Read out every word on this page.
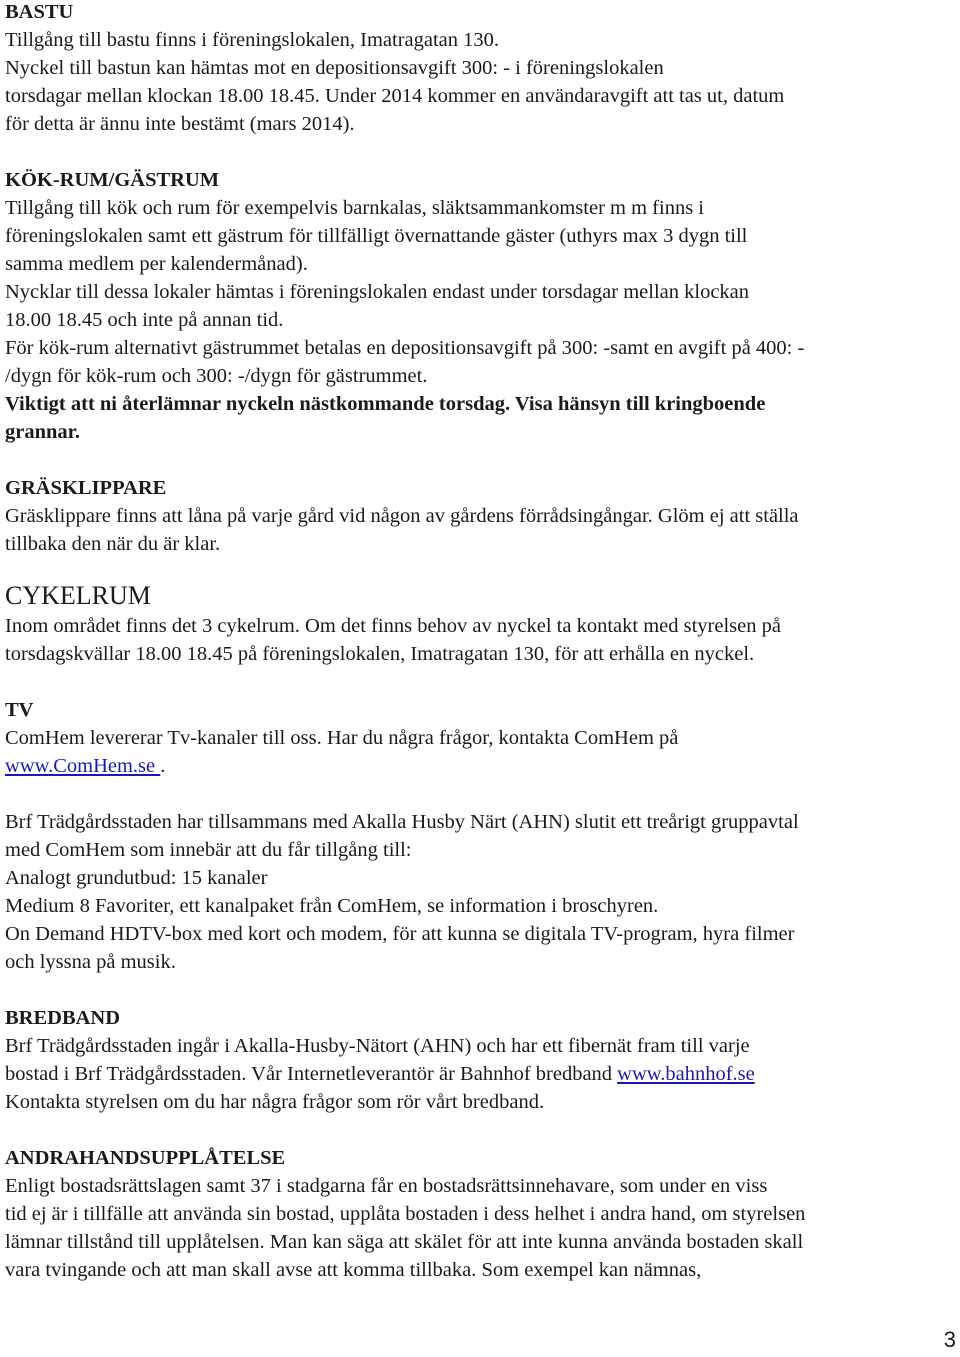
BASTU

Tillgång till bastu finns i föreningslokalen, Imatragatan 130.

Nyckel till bastun kan hämtas mot en depositionsavgift 300: - i föreningslokalen

torsdagar mellan klockan 18.00 18.45. Under 2014 kommer en användaravgift att tas ut, datum

för detta är ännu inte bestämt (mars 2014).

KÖK-RUM/GÄSTRUM

Tillgång till kök och rum för exempelvis barnkalas, släktsammankomster m m finns i

föreningslokalen samt ett gästrum för tillfälligt övernattande gäster (uthyrs max 3 dygn till

samma medlem per kalendermånad).

Nycklar till dessa lokaler hämtas i föreningslokalen endast under torsdagar mellan klockan

18.00 18.45 och inte på annan tid.

För kök-rum alternativt gästrummet betalas en depositionsavgift på 300: -samt en avgift på 400: -

/dygn för kök-rum och 300: -/dygn för gästrummet.

Viktigt att ni återlämnar nyckeln nästkommande torsdag. Visa hänsyn till kringboende

grannar.

GRÄSKLIPPARE

Gräsklippare finns att låna på varje gård vid någon av gårdens förrådsingångar. Glöm ej att ställa

tillbaka den när du är klar.

CYKELRUM

Inom området finns det 3 cykelrum. Om det finns behov av nyckel ta kontakt med styrelsen på

torsdagskvällar 18.00 18.45 på föreningslokalen, Imatragatan 130, för att erhålla en nyckel.

TV

ComHem levererar Tv-kanaler till oss. Har du några frågor, kontakta ComHem på

www.ComHem.se .

Brf Trädgårdsstaden har tillsammans med Akalla Husby Närt (AHN) slutit ett treårigt gruppavtal

med ComHem som innebär att du får tillgång till:

Analogt grundutbud: 15 kanaler

Medium 8 Favoriter, ett kanalpaket från ComHem, se information i broschyren.

On Demand HDTV-box med kort och modem, för att kunna se digitala TV-program, hyra filmer

och lyssna på musik.

BREDBAND

Brf Trädgårdsstaden ingår i Akalla-Husby-Nätort (AHN) och har ett fibernät fram till varje

bostad i Brf Trädgårdsstaden. Vår Internetleverantör är Bahnhof bredband www.bahnhof.se

Kontakta styrelsen om du har några frågor som rör vårt bredband.

ANDRAHANDSUPPLÅTELSE

Enligt bostadsrättslagen samt 37 i stadgarna får en bostadsrättsinnehavare, som under en viss

tid ej är i tillfälle att använda sin bostad, upplåta bostaden i dess helhet i andra hand, om styrelsen

lämnar tillstånd till upplåtelsen. Man kan säga att skälet för att inte kunna använda bostaden skall

vara tvingande och att man skall avse att komma tillbaka. Som exempel kan nämnas,

3
